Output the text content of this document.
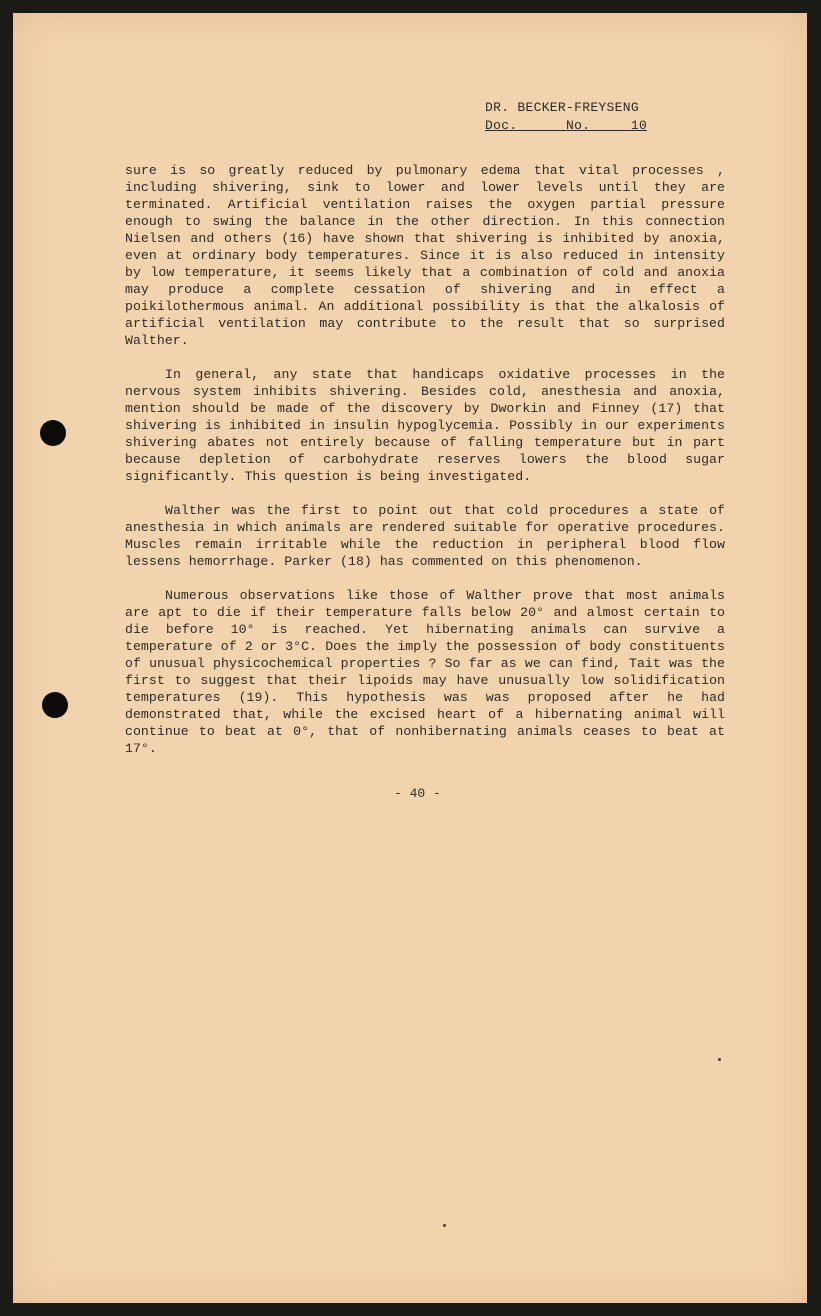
DR. BECKER-FREYSENG
Doc.	No.	10

sure is so greatly reduced by pulmonary edema that vital processes , including shivering, sink to lower and lower levels until they are terminated. Artificial ventilation raises the oxygen partial pressure enough to swing the balance in the other direction. In this connection Nielsen and others (16) have shown that shivering is inhibited by anoxia, even at ordinary body temperatures. Since it is also reduced in intensity by low temperature, it seems likely that a combination of cold and anoxia may produce a complete cessation of shivering and in effect a poikilothermous animal. An additional possibility is that the alkalosis of artificial ventilation may contribute to the result that so surprised Walther.

In general, any state that handicaps oxidative processes in the nervous system inhibits shivering. Besides cold, anesthesia and anoxia, mention should be made of the discovery by Dworkin and Finney (17) that shivering is inhibited in insulin hypoglycemia. Possibly in our experiments shivering abates not entirely because of falling temperature but in part because depletion of carbohydrate reserves lowers the blood sugar significantly. This question is being investigated.

Walther was the first to point out that cold procedures a state of anesthesia in which animals are rendered suitable for operative procedures. Muscles remain irritable while the reduction in peripheral blood flow lessens hemorrhage. Parker (18) has commented on this phenomenon.

Numerous observations like those of Walther prove that most animals are apt to die if their temperature falls below 20° and almost certain to die before 10° is reached. Yet hibernating animals can survive a temperature of 2 or 3°C. Does the imply the possession of body constituents of unusual physicochemical properties ? So far as we can find, Tait was the first to suggest that their lipoids may have unusually low solidification temperatures (19). This hypothesis was was proposed after he had demonstrated that, while the excised heart of a hibernating animal will continue to beat at 0°, that of nonhibernating animals ceases to beat at 17°.

- 40 -
